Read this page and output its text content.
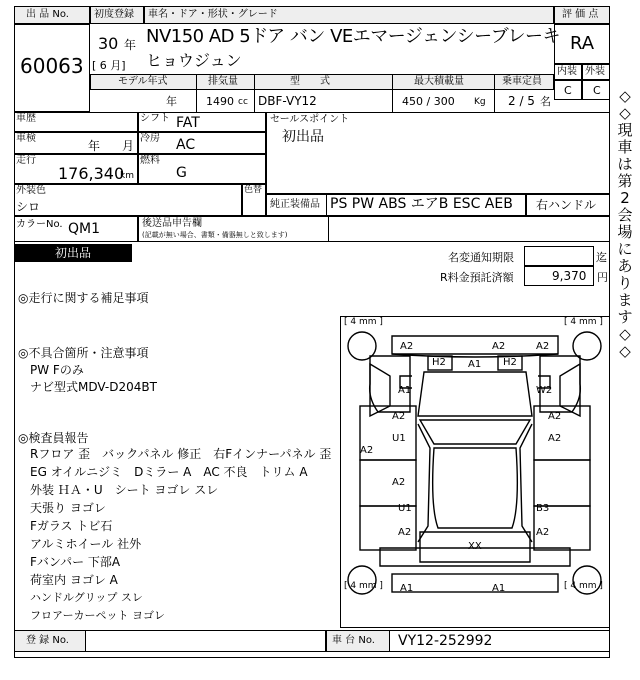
出 品 No.
60063
初度登録
30 年
[ 6 月]
車名・ドア・形状・グレード
NV150 AD 5ドア バン VEエマージェンシーブレーキ
ヒョウジュン
評 価 点
RA
内装 外装
C C
モデル年式	排気量	型　　式	最大積載量	乗車定員
年	1490 cc DBF-VY12	450 / 300 Kg 2 / 5 名
車歴
車検
年 月
走行
176,340
km
シフト FAT
冷房 AC
燃料
G
セールスポイント
初出品
外装色
シロ
色替
純正装備品 PS PW ABS エアB ESC AEB 右ハンドル
カラーNo. QM1	後送品申告欄
(記載が無い場合、書類・備器無しと致します)
初出品	名変通知期限	迄
R料金預託済額	9,370 円
◇◇現車は第2会場にあります◇◇
◎走行に関する補足事項
◎不具合箇所・注意事項
PW Fのみ
ナビ型式MDV-D204BT
◎検査員報告
Rフロア 歪　バックパネル 修正　右Fインナーパネル 歪
EG オイルニジミ　Dミラー A　AC 不良　トリム A
外装 ＨＡ・U　シート ヨゴレ スレ
天張り ヨゴレ
Fガラス トビ石
アルミホイール 社外
Fバンパー 下部A
荷室内 ヨゴレ A
ハンドルグリップ スレ
フロアーカーペット ヨゴレ
[ 4 mm ]	[ 4 mm ]
[ 4 mm ]	[ 4 mm ]
A2	A2	A2
H2	H2
A1
A1	W2
A2	A2
U1
A2
A2
A2
U1
A2
B3
A2
XX
A1	A1
登 録 No.	車 台 No. VY12-252992
